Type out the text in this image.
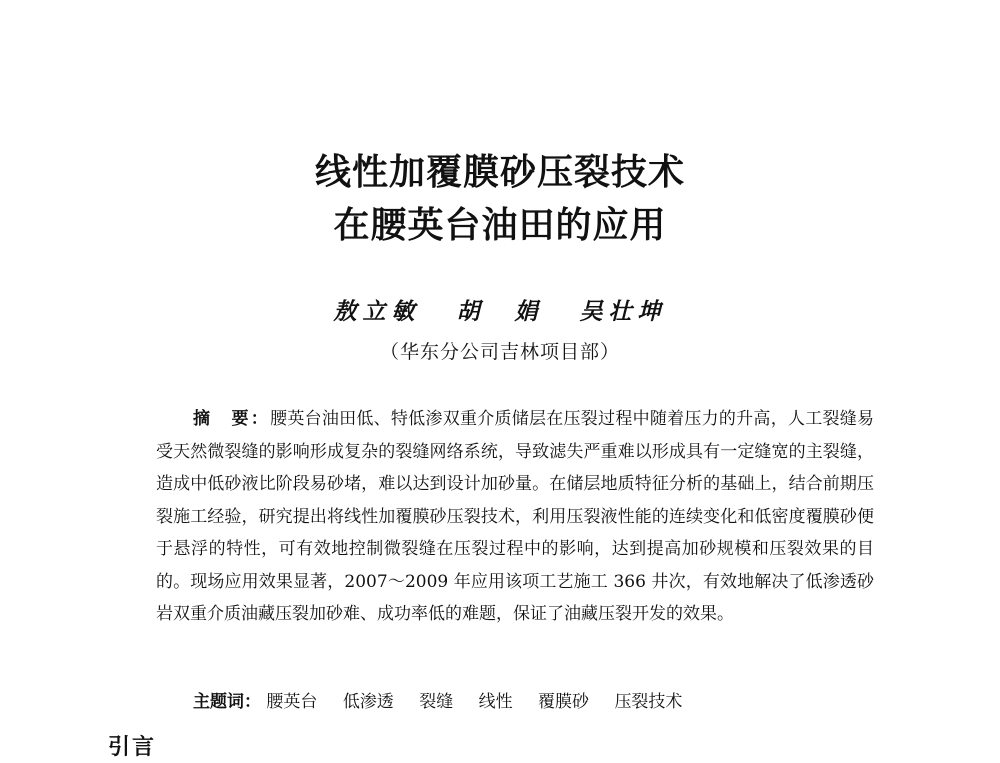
线性加覆膜砂压裂技术
在腰英台油田的应用
敖立敏 胡　娟 吴壮坤
（华东分公司吉林项目部）

摘　要：腰英台油田低、特低渗双重介质储层在压裂过程中随着压力的升高，人工裂缝易受天然微裂缝的影响形成复杂的裂缝网络系统，导致滤失严重难以形成具有一定缝宽的主裂缝，造成中低砂液比阶段易砂堵，难以达到设计加砂量。在储层地质特征分析的基础上，结合前期压裂施工经验，研究提出将线性加覆膜砂压裂技术，利用压裂液性能的连续变化和低密度覆膜砂便于悬浮的特性，可有效地控制微裂缝在压裂过程中的影响，达到提高加砂规模和压裂效果的目的。现场应用效果显著，2007～2009 年应用该项工艺施工 366 井次，有效地解决了低渗透砂岩双重介质油藏压裂加砂难、成功率低的难题，保证了油藏压裂开发的效果。

主题词： 腰英台 低渗透 裂缝 线性 覆膜砂 压裂技术
引言
